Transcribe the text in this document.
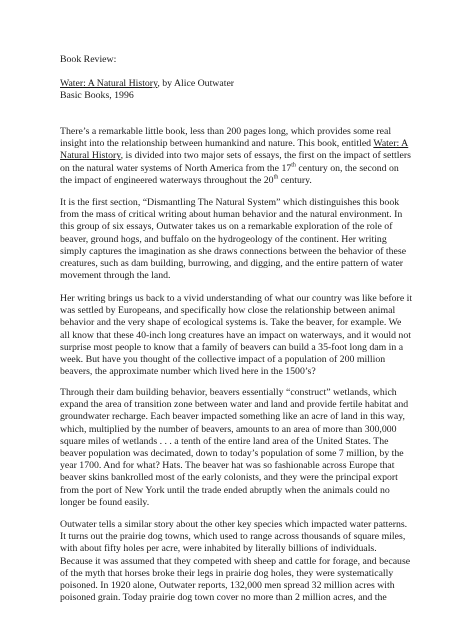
Book Review:
Water: A Natural History, by Alice Outwater
Basic Books, 1996
There’s a remarkable little book, less than 200 pages long, which provides some real
insight into the relationship between humankind and nature. This book, entitled Water: A
Natural History, is divided into two major sets of essays, the first on the impact of settlers
on the natural water systems of North America from the 17th century on, the second on
the impact of engineered waterways throughout the 20th century.
It is the first section, “Dismantling The Natural System” which distinguishes this book
from the mass of critical writing about human behavior and the natural environment. In
this group of six essays, Outwater takes us on a remarkable exploration of the role of
beaver, ground hogs, and buffalo on the hydrogeology of the continent. Her writing
simply captures the imagination as she draws connections between the behavior of these
creatures, such as dam building, burrowing, and digging, and the entire pattern of water
movement through the land.
Her writing brings us back to a vivid understanding of what our country was like before it
was settled by Europeans, and specifically how close the relationship between animal
behavior and the very shape of ecological systems is. Take the beaver, for example. We
all know that these 40-inch long creatures have an impact on waterways, and it would not
surprise most people to know that a family of beavers can build a 35-foot long dam in a
week. But have you thought of the collective impact of a population of 200 million
beavers, the approximate number which lived here in the 1500’s?
Through their dam building behavior, beavers essentially “construct” wetlands, which
expand the area of transition zone between water and land and provide fertile habitat and
groundwater recharge. Each beaver impacted something like an acre of land in this way,
which, multiplied by the number of beavers, amounts to an area of more than 300,000
square miles of wetlands . . . a tenth of the entire land area of the United States. The
beaver population was decimated, down to today’s population of some 7 million, by the
year 1700. And for what? Hats. The beaver hat was so fashionable across Europe that
beaver skins bankrolled most of the early colonists, and they were the principal export
from the port of New York until the trade ended abruptly when the animals could no
longer be found easily.
Outwater tells a similar story about the other key species which impacted water patterns.
It turns out the prairie dog towns, which used to range across thousands of square miles,
with about fifty holes per acre, were inhabited by literally billions of individuals.
Because it was assumed that they competed with sheep and cattle for forage, and because
of the myth that horses broke their legs in prairie dog holes, they were systematically
poisoned. In 1920 alone, Outwater reports, 132,000 men spread 32 million acres with
poisoned grain. Today prairie dog town cover no more than 2 million acres, and the
